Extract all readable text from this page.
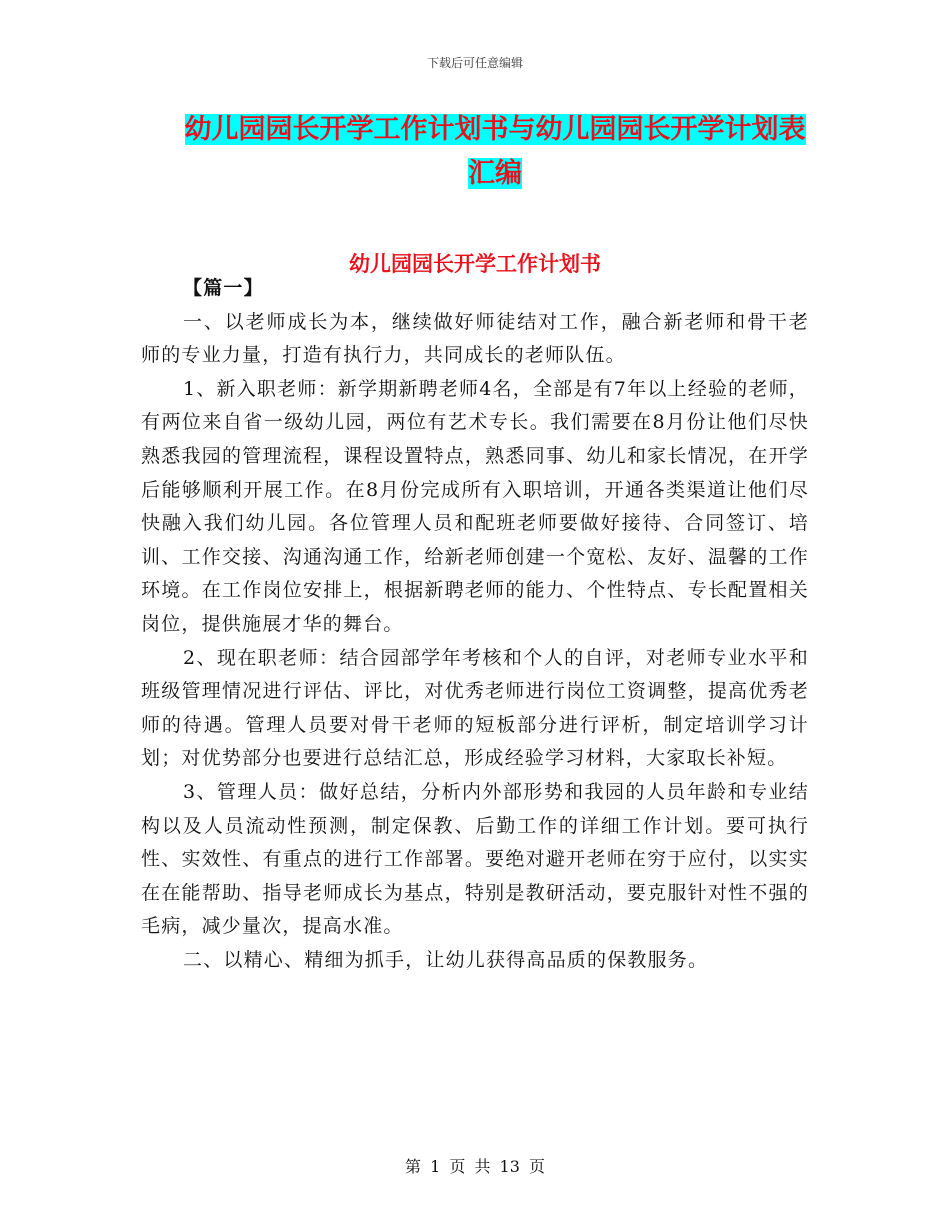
下载后可任意编辑
幼儿园园长开学工作计划书与幼儿园园长开学计划表
汇编
幼儿园园长开学工作计划书

【篇一】

一、以老师成长为本，继续做好师徒结对工作，融合新老师和骨干老师的专业力量，打造有执行力，共同成长的老师队伍。

1、新入职老师：新学期新聘老师4名，全部是有7年以上经验的老师，有两位来自省一级幼儿园，两位有艺术专长。我们需要在8月份让他们尽快熟悉我园的管理流程，课程设置特点，熟悉同事、幼儿和家长情况，在开学后能够顺利开展工作。在8月份完成所有入职培训，开通各类渠道让他们尽快融入我们幼儿园。各位管理人员和配班老师要做好接待、合同签订、培训、工作交接、沟通沟通工作，给新老师创建一个宽松、友好、温馨的工作环境。在工作岗位安排上，根据新聘老师的能力、个性特点、专长配置相关岗位，提供施展才华的舞台。

2、现在职老师：结合园部学年考核和个人的自评，对老师专业水平和班级管理情况进行评估、评比，对优秀老师进行岗位工资调整，提高优秀老师的待遇。管理人员要对骨干老师的短板部分进行评析，制定培训学习计划；对优势部分也要进行总结汇总，形成经验学习材料，大家取长补短。

3、管理人员：做好总结，分析内外部形势和我园的人员年龄和专业结构以及人员流动性预测，制定保教、后勤工作的详细工作计划。要可执行性、实效性、有重点的进行工作部署。要绝对避开老师在穷于应付，以实实在在能帮助、指导老师成长为基点，特别是教研活动，要克服针对性不强的毛病，减少量次，提高水准。

二、以精心、精细为抓手，让幼儿获得高品质的保教服务。

第 1 页 共 13 页
